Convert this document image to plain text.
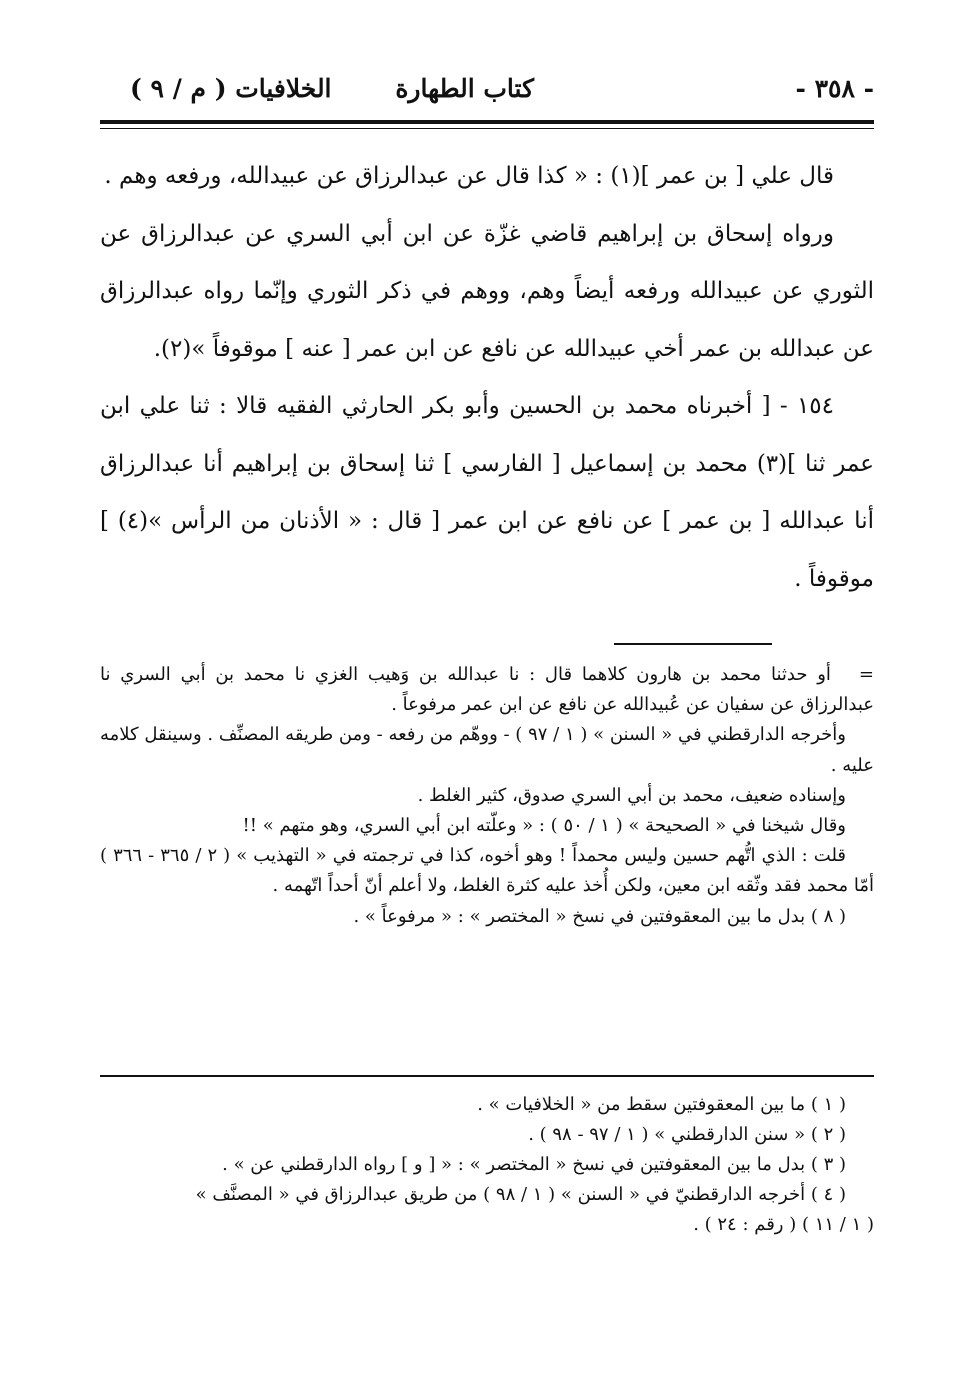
- ٣٥٨ -
كتاب الطهارة
الخلافيات ( م / ٩ )

قال علي [ بن عمر ](١) : « كذا قال عن عبدالرزاق عن عبيدالله، ورفعه وهم .

ورواه إسحاق بن إبراهيم قاضي غزّة عن ابن أبي السري عن عبدالرزاق عن الثوري عن عبيدالله ورفعه أيضاً وهم، ووهم في ذكر الثوري وإنّما رواه عبدالرزاق عن عبدالله بن عمر أخي عبيدالله عن نافع عن ابن عمر [ عنه ] موقوفاً »(٢).

١٥٤ - [ أخبرناه محمد بن الحسين وأبو بكر الحارثي الفقيه قالا : ثنا علي ابن عمر ثنا ](٣) محمد بن إسماعيل [ الفارسي ] ثنا إسحاق بن إبراهيم أنا عبدالرزاق أنا عبدالله [ بن عمر ] عن نافع عن ابن عمر [ قال : « الأذنان من الرأس »(٤) ] موقوفاً .

= أو حدثنا محمد بن هارون كلاهما قال : نا عبدالله بن وَهيب الغزي نا محمد بن أبي السري نا عبدالرزاق عن سفيان عن عُبيدالله عن نافع عن ابن عمر مرفوعاً .

وأخرجه الدارقطني في « السنن » ( ١ / ٩٧ ) - ووهّم من رفعه - ومن طريقه المصنِّف . وسينقل كلامه عليه .

وإسناده ضعيف، محمد بن أبي السري صدوق، كثير الغلط .

وقال شيخنا في « الصحيحة » ( ١ / ٥٠ ) : « وعلّته ابن أبي السري، وهو متهم » !!

قلت : الذي اتُّهم حسين وليس محمداً ! وهو أخوه، كذا في ترجمته في « التهذيب » ( ٢ / ٣٦٥ - ٣٦٦ ) أمّا محمد فقد وثّقه ابن معين، ولكن أُخذ عليه كثرة الغلط، ولا أعلم أنّ أحداً اتّهمه .

( ٨ ) بدل ما بين المعقوفتين في نسخ « المختصر » : « مرفوعاً » .

( ١ ) ما بين المعقوفتين سقط من « الخلافيات » .

( ٢ ) « سنن الدارقطني » ( ١ / ٩٧ - ٩٨ ) .

( ٣ ) بدل ما بين المعقوفتين في نسخ « المختصر » : « [ و ] رواه الدارقطني عن » .

( ٤ ) أخرجه الدارقطنيّ في « السنن » ( ١ / ٩٨ ) من طريق عبدالرزاق في « المصنَّف »

( ١ / ١١ ) ( رقم : ٢٤ ) .
